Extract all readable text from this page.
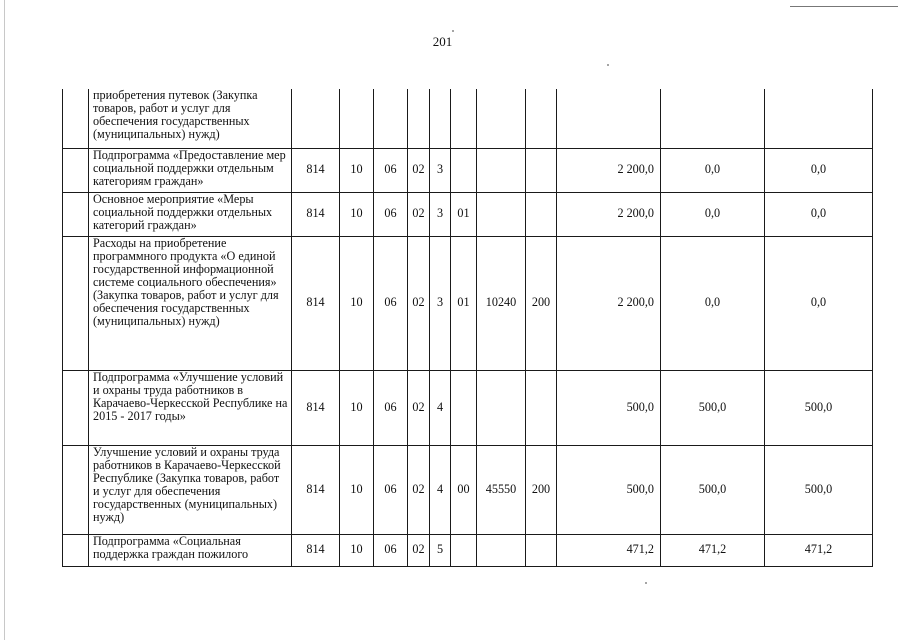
201
	приобретения путевок (Закупка товаров, работ и услуг для обеспечения государственных (муниципальных) нужд)											
	Подпрограмма «Предоставление мер социальной поддержки отдельным категориям граждан»	814	10	06	02	3				2 200,0	0,0	0,0
	Основное мероприятие «Меры социальной поддержки отдельных категорий граждан»	814	10	06	02	3	01			2 200,0	0,0	0,0
	Расходы на приобретение программного продукта «О единой государственной информационной системе социального обеспечения» (Закупка товаров, работ и услуг для обеспечения государственных (муниципальных) нужд)	814	10	06	02	3	01	10240	200	2 200,0	0,0	0,0
	Подпрограмма «Улучшение условий и охраны труда работников в Карачаево-Черкесской Республике на 2015 - 2017 годы»	814	10	06	02	4				500,0	500,0	500,0
	Улучшение условий и охраны труда работников в Карачаево-Черкесской Республике (Закупка товаров, работ и услуг для обеспечения государственных (муниципальных) нужд)	814	10	06	02	4	00	45550	200	500,0	500,0	500,0
	Подпрограмма «Социальная поддержка граждан пожилого	814	10	06	02	5				471,2	471,2	471,2
